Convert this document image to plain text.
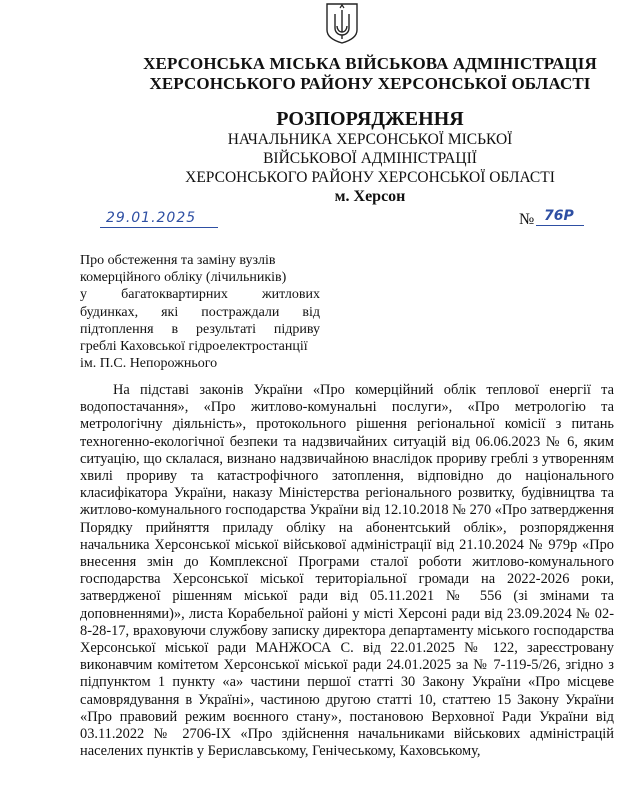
ХЕРСОНСЬКА МІСЬКА ВІЙСЬКОВА АДМІНІСТРАЦІЯ
ХЕРСОНСЬКОГО РАЙОНУ ХЕРСОНСЬКОЇ ОБЛАСТІ
РОЗПОРЯДЖЕННЯ
НАЧАЛЬНИКА ХЕРСОНСЬКОЇ МІСЬКОЇ
ВІЙСЬКОВОЇ АДМІНІСТРАЦІЇ
ХЕРСОНСЬКОГО РАЙОНУ ХЕРСОНСЬКОЇ ОБЛАСТІ
м. Херсон
29.01.2025	№ 76Р
Про обстеження та заміну вузлів
комерційного обліку (лічильників)
у багатоквартирних житлових
будинках, які постраждали від
підтоплення в результаті підриву
греблі Каховської гідроелектростанції
ім. П.С. Непорожнього
На підставі законів України «Про комерційний облік теплової енергії та водопостачання», «Про житлово-комунальні послуги», «Про метрологію та метрологічну діяльність», протокольного рішення регіональної комісії з питань техногенно-екологічної безпеки та надзвичайних ситуацій від 06.06.2023 № 6, яким ситуацію, що склалася, визнано надзвичайною внаслідок прориву греблі з утворенням хвилі прориву та катастрофічного затоплення, відповідно до національного класифікатора України, наказу Міністерства регіонального розвитку, будівництва та житлово-комунального господарства України від 12.10.2018 № 270 «Про затвердження Порядку прийняття приладу обліку на абонентський облік», розпорядження начальника Херсонської міської військової адміністрації від 21.10.2024 № 979р «Про внесення змін до Комплексної Програми сталої роботи житлово-комунального господарства Херсонської міської територіальної громади на 2022-2026 роки, затвердженої рішенням міської ради від 05.11.2021 № 556 (зі змінами та доповненнями)», листа Корабельної районі у місті Херсоні ради від 23.09.2024 № 02-8-28-17, враховуючи службову записку директора департаменту міського господарства Херсонської міської ради МАНЖОСА С. від 22.01.2025 № 122, зареєстровану виконавчим комітетом Херсонської міської ради 24.01.2025 за № 7-119-5/26, згідно з підпунктом 1 пункту «а» частини першої статті 30 Закону України «Про місцеве самоврядування в Україні», частиною другою статті 10, статтею 15 Закону України «Про правовий режим воєнного стану», постановою Верховної Ради України від 03.11.2022 № 2706-IX «Про здійснення начальниками військових адміністрацій населених пунктів у Бериславському, Генічеському, Каховському,
